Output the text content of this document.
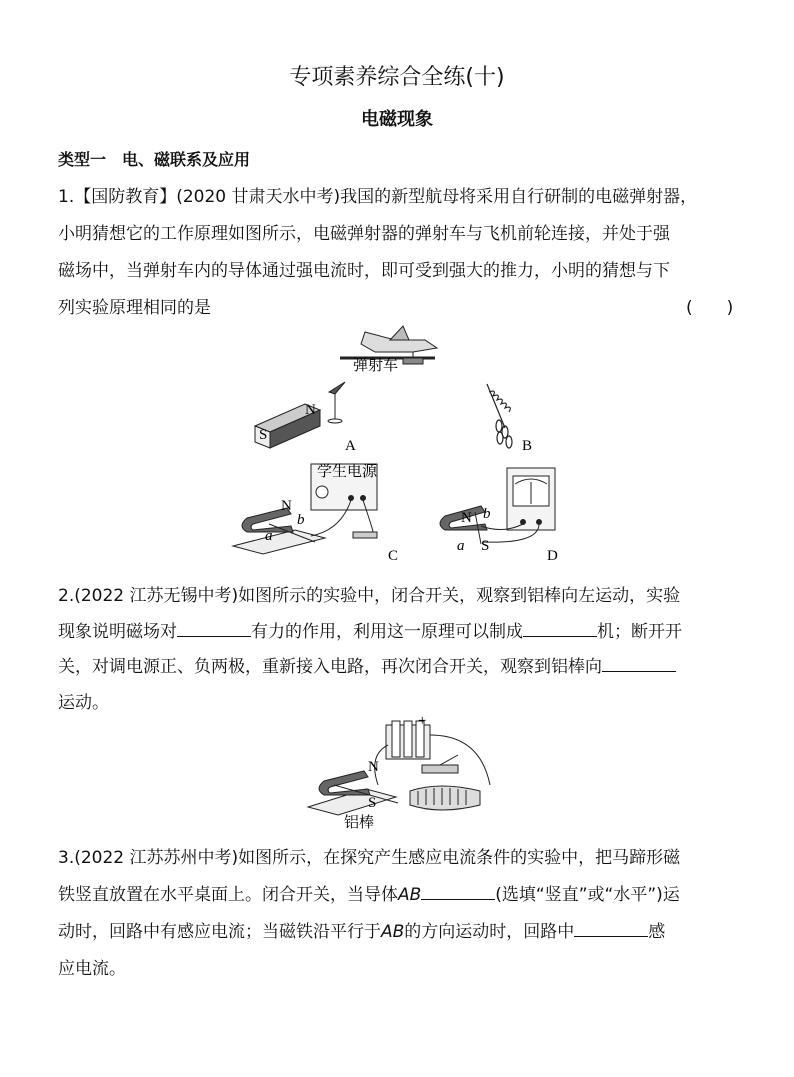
专项素养综合全练(十)
电磁现象
类型一　电、磁联系及应用
1.【国防教育】(2020 甘肃天水中考)我国的新型航母将采用自行研制的电磁弹射器，
小明猜想它的工作原理如图所示，电磁弹射器的弹射车与飞机前轮连接，并处于强
磁场中，当弹射车内的导体通过强电流时，即可受到强大的推力，小明的猜想与下
列实验原理相同的是	(　　)
弹射车
S
N
A	B
学生电源
N
b
a
C
N
S
a
b
D
2.(2022 江苏无锡中考)如图所示的实验中，闭合开关，观察到铝棒向左运动，实验
现象说明磁场对	有力的作用，利用这一原理可以制成	机；断开开
关，对调电源正、负两极，重新接入电路，再次闭合开关，观察到铝棒向
运动。
N
S
+
铝棒
3.(2022 江苏苏州中考)如图所示，在探究产生感应电流条件的实验中，把马蹄形磁
铁竖直放置在水平桌面上。闭合开关，当导体AB	(选填“竖直”或“水平”)运
动时，回路中有感应电流；当磁铁沿平行于AB的方向运动时，回路中	感
应电流。
